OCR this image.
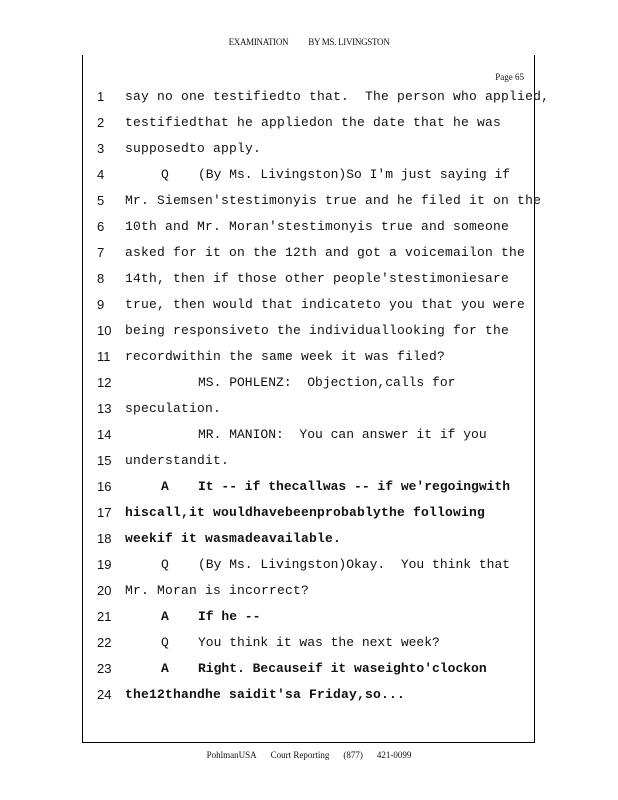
EXAMINATION BY MS. LIVINGSTON
Page 65
1	say no one testifiedto that.  The person who applied,
2	testifiedthat he appliedon the date that he was
3	supposedto apply.
4	Q (By Ms. Livingston)So I'm just saying if
5	Mr. Siemsen'stestimonyis true and he filed it on the
6	10th and Mr. Moran'stestimonyis true and someone
7	asked for it on the 12th and got a voicemailon the
8	14th, then if those other people'stestimoniesare
9	true, then would that indicateto you that you were
10	being responsiveto the individuallooking for the
11	recordwithin the same week it was filed?
12	MS. POHLENZ:  Objection,calls for
13	speculation.
14	MR. MANION:  You can answer it if you
15	understandit.
16	A It -- if thecallwas -- if we'regoingwith
17	hiscall,it wouldhavebeenprobablythe following
18	weekif it wasmadeavailable.
19	Q (By Ms. Livingston)Okay.  You think that
20	Mr. Moran is incorrect?
21	A If he --
22	Q You think it was the next week?
23	A Right. Becauseif it waseighto'clockon
24	the12thandhe saidit'sa Friday,so...
PohlmanUSA Court Reporting (877) 421-0099
